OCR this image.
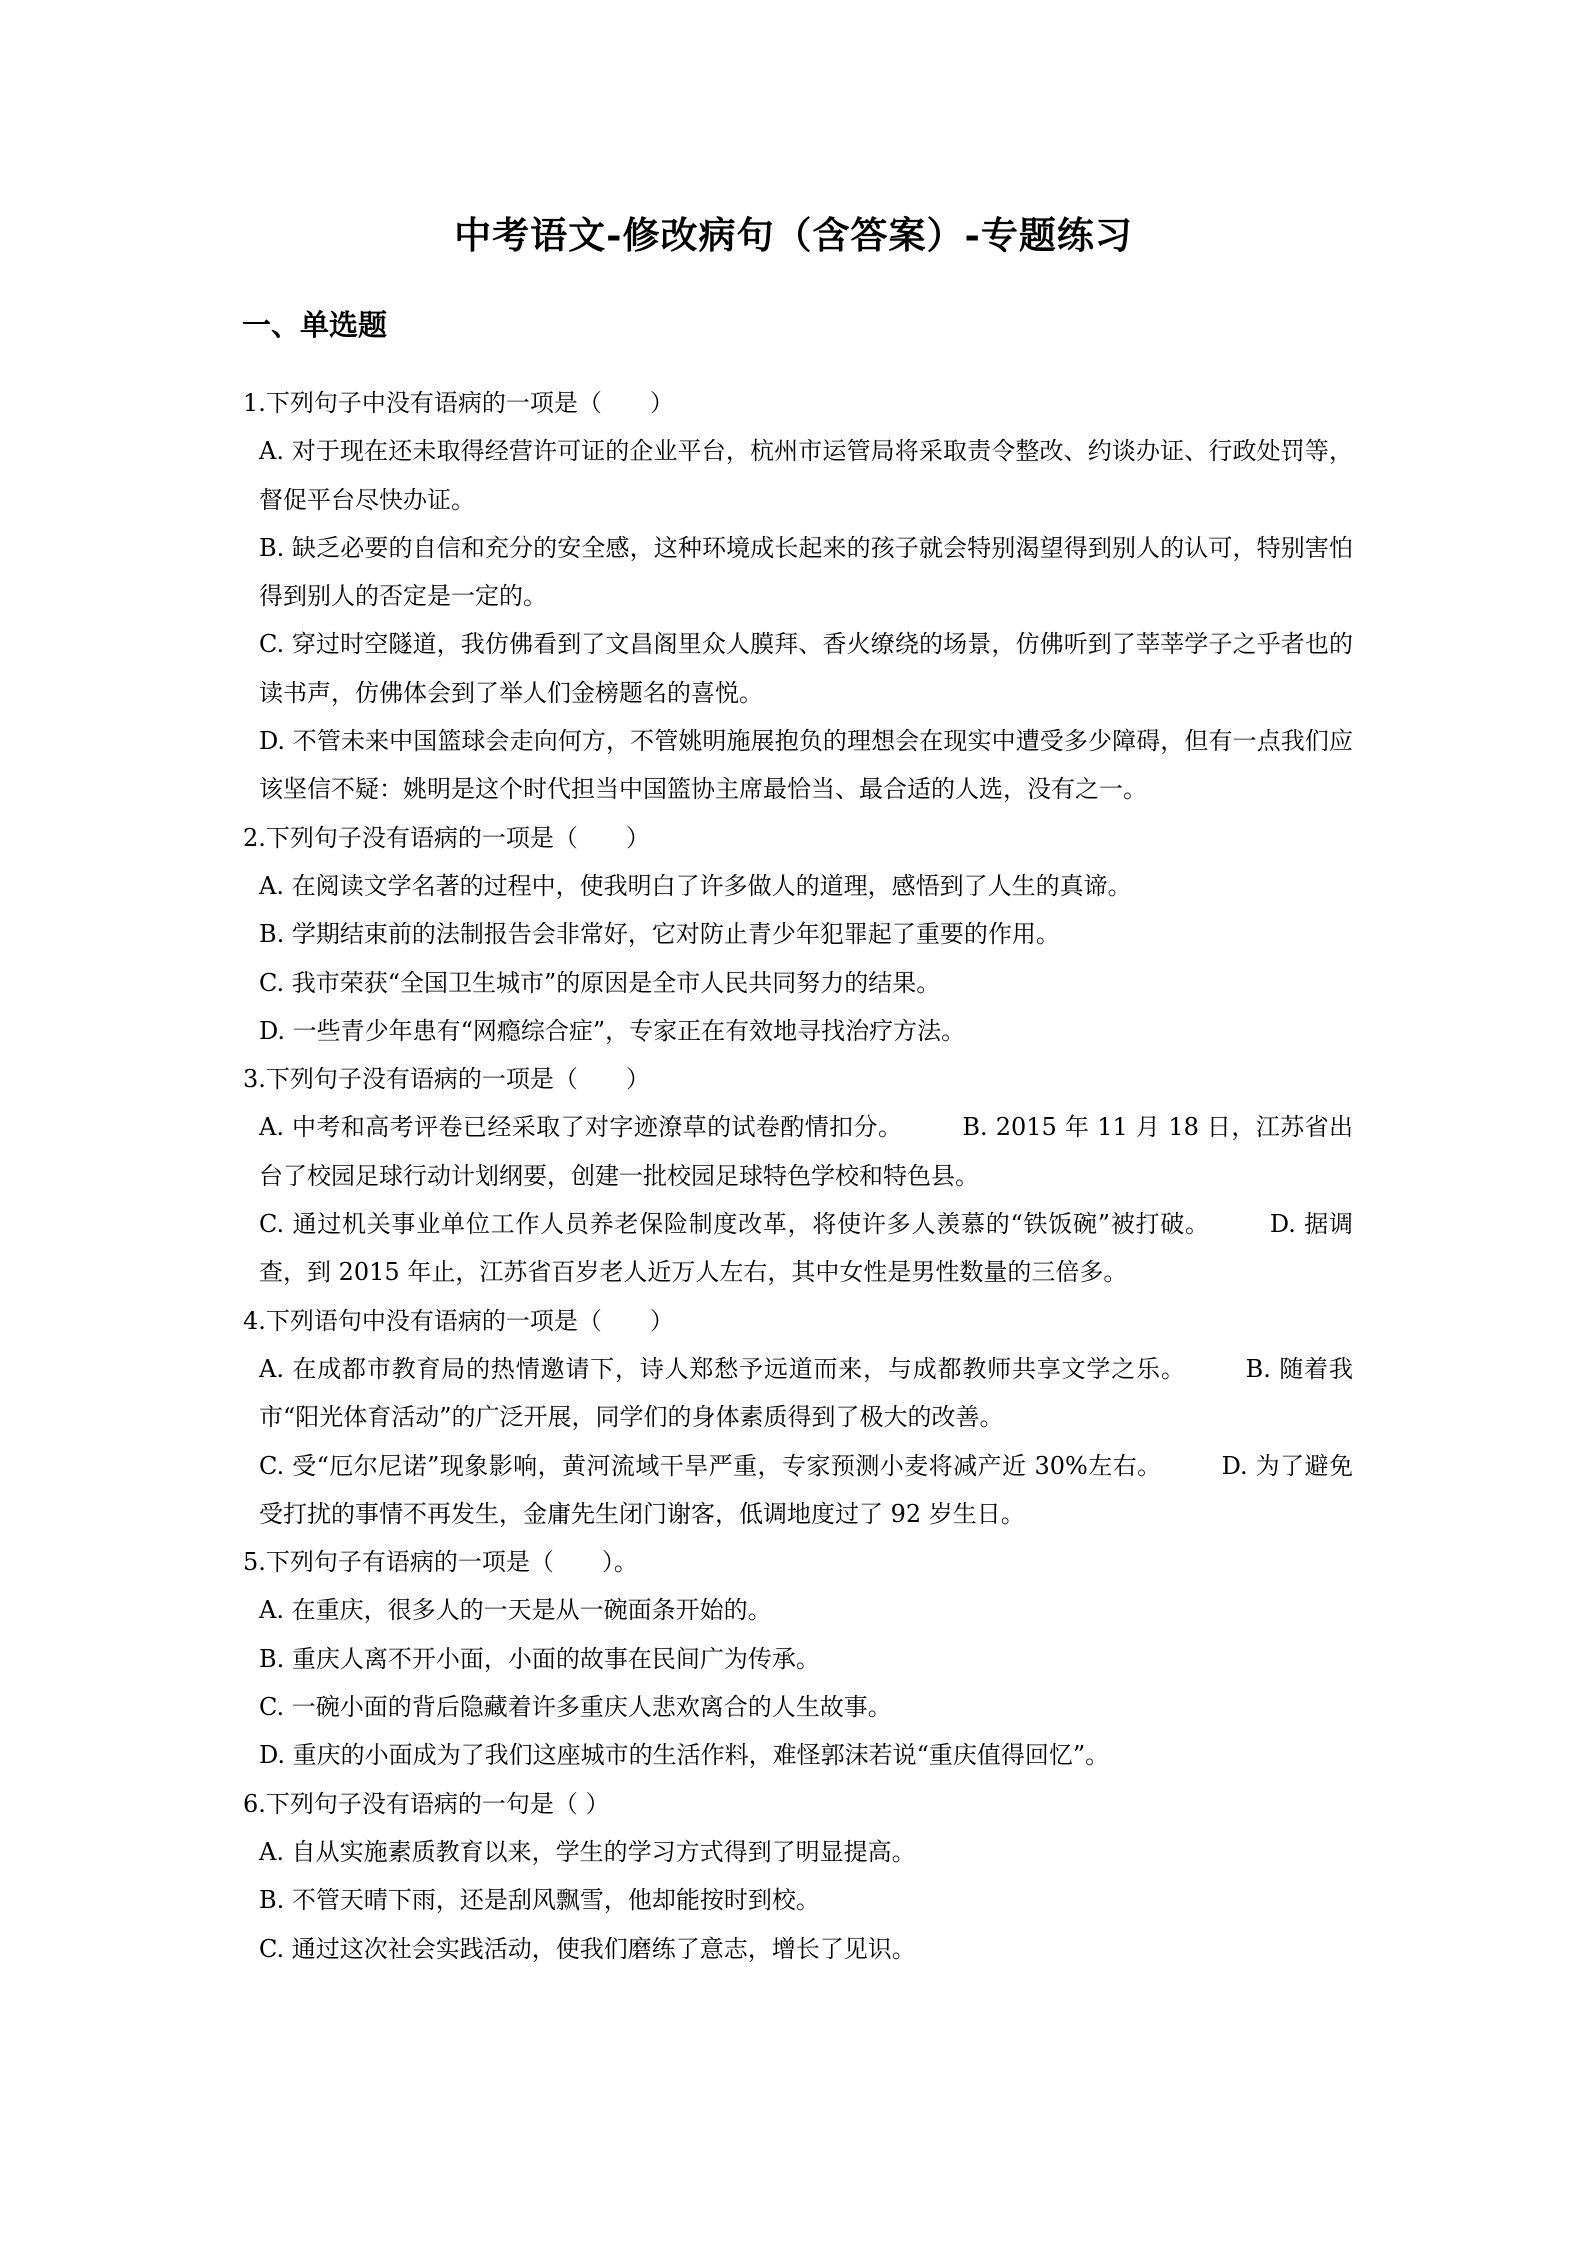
中考语文-修改病句（含答案）-专题练习
一、单选题
1.下列句子中没有语病的一项是（　　）
A. 对于现在还未取得经营许可证的企业平台，杭州市运管局将采取责令整改、约谈办证、行政处罚等，督促平台尽快办证。
B. 缺乏必要的自信和充分的安全感，这种环境成长起来的孩子就会特别渴望得到别人的认可，特别害怕得到别人的否定是一定的。
C. 穿过时空隧道，我仿佛看到了文昌阁里众人膜拜、香火缭绕的场景，仿佛听到了莘莘学子之乎者也的读书声，仿佛体会到了举人们金榜题名的喜悦。
D. 不管未来中国篮球会走向何方，不管姚明施展抱负的理想会在现实中遭受多少障碍，但有一点我们应该坚信不疑：姚明是这个时代担当中国篮协主席最恰当、最合适的人选，没有之一。
2.下列句子没有语病的一项是（　　）
A. 在阅读文学名著的过程中，使我明白了许多做人的道理，感悟到了人生的真谛。
B. 学期结束前的法制报告会非常好，它对防止青少年犯罪起了重要的作用。
C. 我市荣获“全国卫生城市”的原因是全市人民共同努力的结果。
D. 一些青少年患有“网瘾综合症”，专家正在有效地寻找治疗方法。
3.下列句子没有语病的一项是（　　）
A. 中考和高考评卷已经采取了对字迹潦草的试卷酌情扣分。	B. 2015 年 11 月 18 日，江苏省出台了校园足球行动计划纲要，创建一批校园足球特色学校和特色县。
C. 通过机关事业单位工作人员养老保险制度改革，将使许多人羡慕的“铁饭碗”被打破。	D. 据调查，到 2015 年止，江苏省百岁老人近万人左右，其中女性是男性数量的三倍多。
4.下列语句中没有语病的一项是（　　）
A. 在成都市教育局的热情邀请下，诗人郑愁予远道而来，与成都教师共享文学之乐。	B. 随着我市“阳光体育活动”的广泛开展，同学们的身体素质得到了极大的改善。
C. 受“厄尔尼诺”现象影响，黄河流域干旱严重，专家预测小麦将减产近 30%左右。	D. 为了避免受打扰的事情不再发生，金庸先生闭门谢客，低调地度过了 92 岁生日。
5.下列句子有语病的一项是（　　）。
A. 在重庆，很多人的一天是从一碗面条开始的。
B. 重庆人离不开小面，小面的故事在民间广为传承。
C. 一碗小面的背后隐藏着许多重庆人悲欢离合的人生故事。
D. 重庆的小面成为了我们这座城市的生活作料，难怪郭沫若说“重庆值得回忆”。
6.下列句子没有语病的一句是（ ）
A. 自从实施素质教育以来，学生的学习方式得到了明显提高。
B. 不管天晴下雨，还是刮风飘雪，他却能按时到校。
C. 通过这次社会实践活动，使我们磨练了意志，增长了见识。
